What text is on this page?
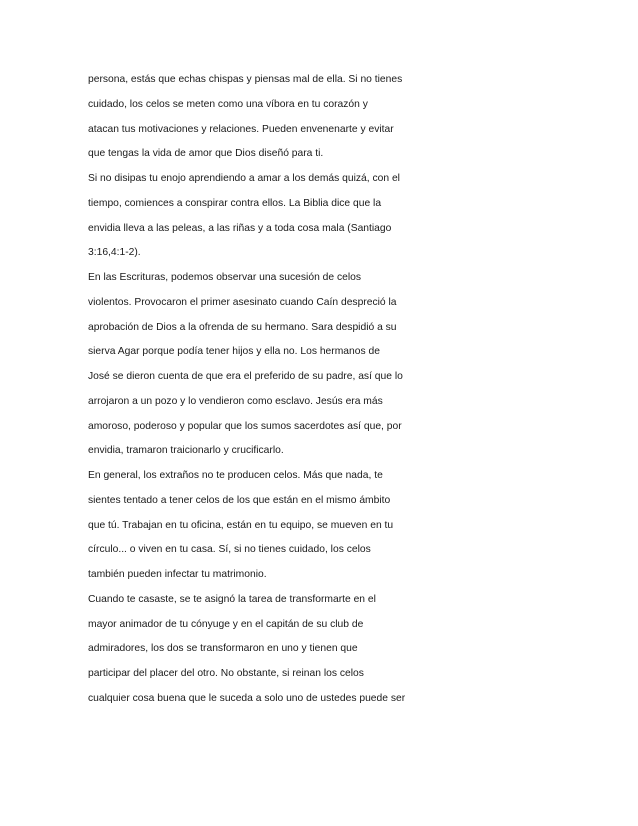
persona, estás que echas chispas y piensas mal de ella. Si no tienes
cuidado, los celos se meten como una víbora en tu corazón y
atacan tus motivaciones y relaciones. Pueden envenenarte y evitar
que tengas la vida de amor que Dios diseñó para ti.
Si no disipas tu enojo aprendiendo a amar a los demás quizá, con el
tiempo, comiences a conspirar contra ellos. La Biblia dice que la
envidia lleva a las peleas, a las riñas y a toda cosa mala (Santiago
3:16,4:1-2).
En las Escrituras, podemos observar una sucesión de celos
violentos. Provocaron el primer asesinato cuando Caín despreció la
aprobación de Dios a la ofrenda de su hermano. Sara despidió a su
sierva Agar porque podía tener hijos y ella no. Los hermanos de
José se dieron cuenta de que era el preferido de su padre, así que lo
arrojaron a un pozo y lo vendieron como esclavo. Jesús era más
amoroso, poderoso y popular que los sumos sacerdotes así que, por
envidia, tramaron traicionarlo y crucificarlo.
En general, los extraños no te producen celos. Más que nada, te
sientes tentado a tener celos de los que están en el mismo ámbito
que tú. Trabajan en tu oficina, están en tu equipo, se mueven en tu
círculo... o viven en tu casa. Sí, si no tienes cuidado, los celos
también pueden infectar tu matrimonio.
Cuando te casaste, se te asignó la tarea de transformarte en el
mayor animador de tu cónyuge y en el capitán de su club de
admiradores, los dos se transformaron en uno y tienen que
participar del placer del otro. No obstante, si reinan los celos
cualquier cosa buena que le suceda a solo uno de ustedes puede ser
